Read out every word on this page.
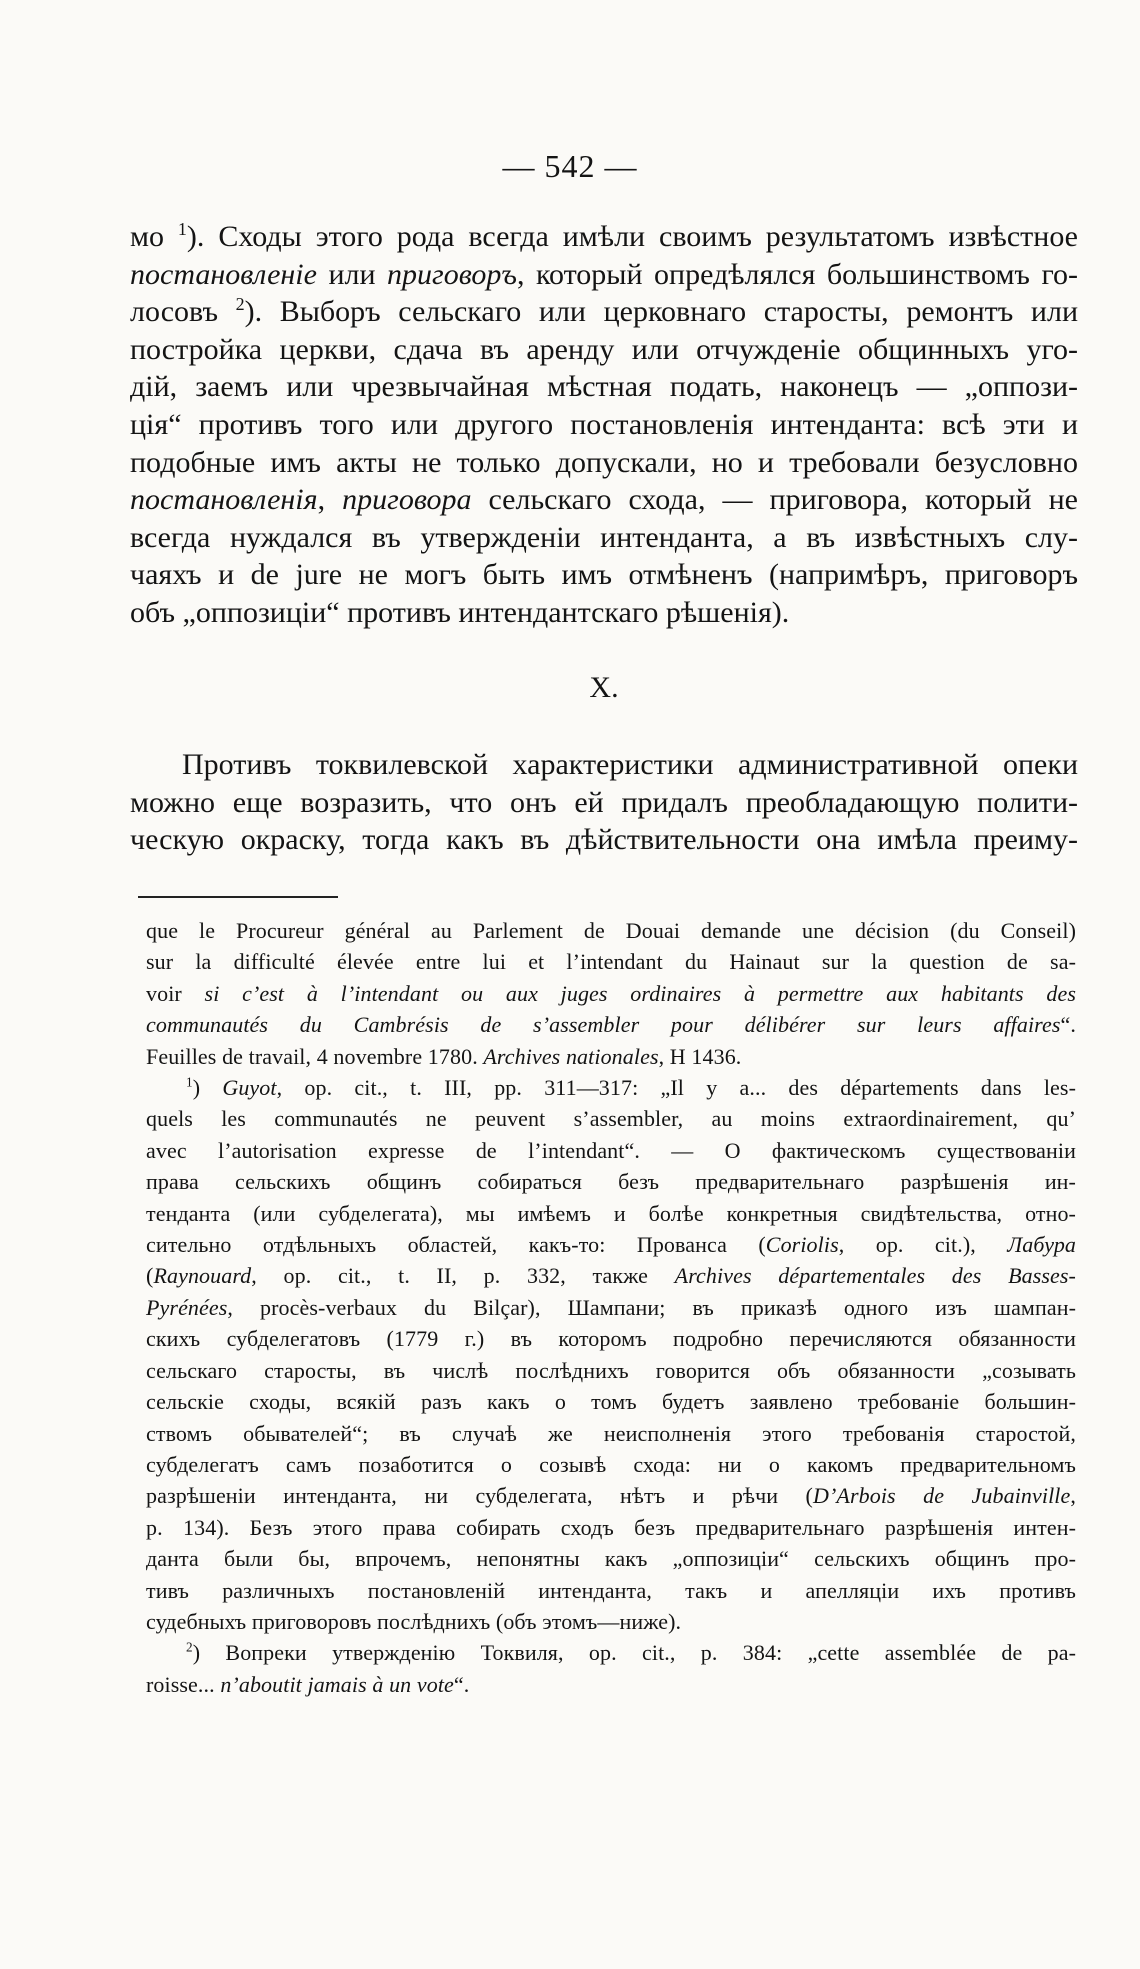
— 542 —
мо $^1$). Сходы этого рода всегда имѣли своимъ результатомъ извѣстное
постановленіе или приговоръ, который опредѣлялся большинствомъ го-
лосовъ $^2$). Выборъ сельскаго или церковнаго старосты, ремонтъ или
постройка церкви, сдача въ аренду или отчужденіе общинныхъ уго-
дій, заемъ или чрезвычайная мѣстная подать, наконецъ — „оппози-
ція“ противъ того или другого постановленія интенданта: всѣ эти и
подобные имъ акты не только допускали, но и требовали безусловно
постановленія, приговора сельскаго схода, — приговора, который не
всегда нуждался въ утвержденіи интенданта, а въ извѣстныхъ слу-
чаяхъ и de jure не могъ быть имъ отмѣненъ (напримѣръ, приговоръ
объ „оппозиціи“ противъ интендантскаго рѣшенія).
X.
Противъ токвилевской характеристики административной опеки
можно еще возразить, что онъ ей придалъ преобладающую полити-
ческую окраску, тогда какъ въ дѣйствительности она имѣла преиму-
que le Procureur général au Parlement de Douai demande une décision (du Conseil)
sur la difficulté élevée entre lui et l’intendant du Hainaut sur la question de sa-
voir si c’est à l’intendant ou aux juges ordinaires à permettre aux habitants des
communautés du Cambrésis de s’assembler pour délibérer sur leurs affaires“.
Feuilles de travail, 4 novembre 1780. Archives nationales, H 1436.
$^1$) Guyot, op. cit., t. III, pp. 311—317: „Il y a... des départements dans les-
quels les communautés ne peuvent s’assembler, au moins extraordinairement, qu’
avec l’autorisation expresse de l’intendant“. — О фактическомъ существованіи
права сельскихъ общинъ собираться безъ предварительнаго разрѣшенія ин-
тенданта (или субделегата), мы имѣемъ и болѣе конкретныя свидѣтельства, отно-
сительно отдѣльныхъ областей, какъ-то: Прованса (Coriolis, op. cit.), Лабура
(Raynouard, op. cit., t. II, p. 332, также Archives départementales des Basses-
Pyrénées, procès-verbaux du Bilçar), Шампани; въ приказѣ одного изъ шампан-
скихъ субделегатовъ (1779 г.) въ которомъ подробно перечисляются обязанности
сельскаго старосты, въ числѣ послѣднихъ говорится объ обязанности „созывать
сельскіе сходы, всякій разъ какъ о томъ будетъ заявлено требованіе большин-
ствомъ обывателей“; въ случаѣ же неисполненія этого требованія старостой,
субделегатъ самъ позаботится о созывѣ схода: ни о какомъ предварительномъ
разрѣшеніи интенданта, ни субделегата, нѣтъ и рѣчи (D’Arbois de Jubainville,
p. 134). Безъ этого права собирать сходъ безъ предварительнаго разрѣшенія интен-
данта были бы, впрочемъ, непонятны какъ „оппозиціи“ сельскихъ общинъ про-
тивъ различныхъ постановленій интенданта, такъ и апелляціи ихъ противъ
судебныхъ приговоровъ послѣднихъ (объ этомъ—ниже).
$^2$) Вопреки утвержденію Токвиля, op. cit., p. 384: „cette assemblée de pa-
roisse... n’aboutit jamais à un vote“.
